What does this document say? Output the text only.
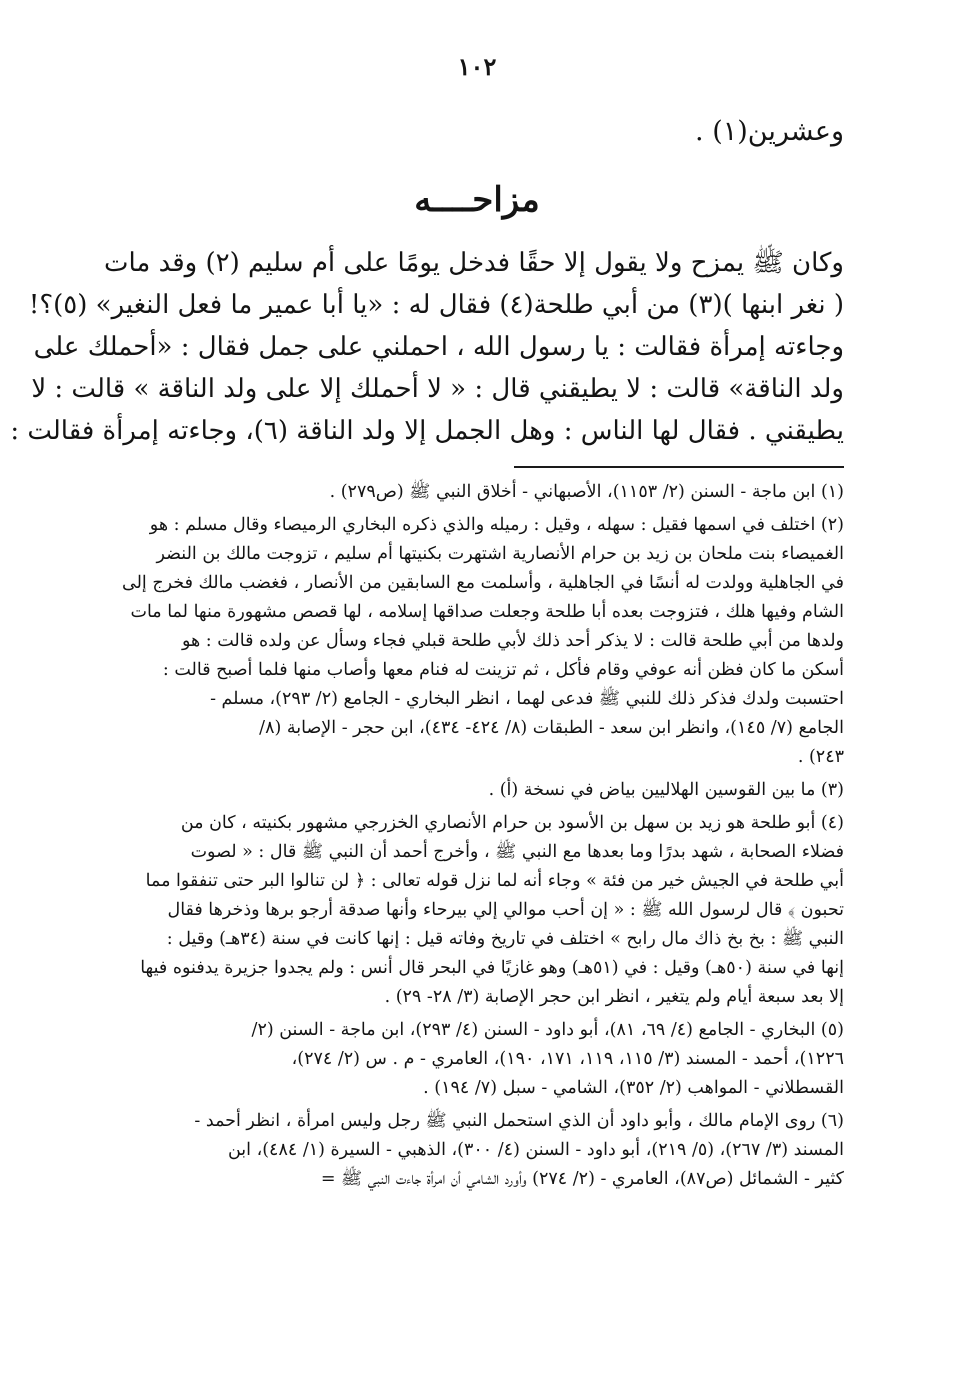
١٠٢
وعشرين(١) .
مزاحــــه
وكان ﷺ يمزح ولا يقول إلا حقًا فدخل يومًا على أم سليم (٢) وقد مات
( نغر ابنها )(٣) من أبي طلحة(٤) فقال له : «يا أبا عمير ما فعل النغير» (٥)؟!
وجاءته إمرأة فقالت : يا رسول الله ، احملني على جمل فقال : «أحملك على
ولد الناقة» قالت : لا يطيقني قال : « لا أحملك إلا على ولد الناقة » قالت : لا
يطيقني . فقال لها الناس : وهل الجمل إلا ولد الناقة (٦)، وجاءته إمرأة فقالت :
(١) ابن ماجة - السنن (٢/ ١١٥٣)، الأصبهاني - أخلاق النبي ﷺ (ص٢٧٩) .
(٢) اختلف في اسمها فقيل : سهله ، وقيل : رميله والذي ذكره البخاري الرميصاء وقال مسلم : هو
الغميصاء بنت ملحان بن زيد بن حرام الأنصارية اشتهرت بكنيتها أم سليم ، تزوجت مالك بن النضر
في الجاهلية وولدت له أنسًا في الجاهلية ، وأسلمت مع السابقين من الأنصار ، فغضب مالك فخرج إلى
الشام وفيها هلك ، فتزوجت بعده أبا طلحة وجعلت صداقها إسلامه ، لها قصص مشهورة منها لما مات
ولدها من أبي طلحة قالت : لا يذكر أحد ذلك لأبي طلحة قبلي فجاء وسأل عن ولده قالت : هو
أسكن ما كان فظن أنه عوفي وقام فأكل ، ثم تزينت له فنام معها وأصاب منها فلما أصبح قالت :
احتسبت ولدك فذكر ذلك للنبي ﷺ فدعى لهما ، انظر البخاري - الجامع (٢/ ٢٩٣)، مسلم -
الجامع (٧/ ١٤٥)، وانظر ابن سعد - الطبقات (٨/ ٤٢٤- ٤٣٤)، ابن حجر - الإصابة (٨/
٢٤٣) .
(٣) ما بين القوسين الهلاليين بياض في نسخة (أ) .
(٤) أبو طلحة هو زيد بن سهل بن الأسود بن حرام الأنصاري الخزرجي مشهور بكنيته ، كان من
فضلاء الصحابة ، شهد بدرًا وما بعدها مع النبي ﷺ ، وأخرج أحمد أن النبي ﷺ قال : « لصوت
أبي طلحة في الجيش خير من فئة » وجاء أنه لما نزل قوله تعالى : ﴿ لن تنالوا البر حتى تنفقوا مما
تحبون ﴾ قال لرسول الله ﷺ : « إن أحب موالي إلي بيرحاء وأنها صدقة أرجو برها وذخرها فقال
النبي ﷺ : بخ بخ ذاك مال رابح » اختلف في تاريخ وفاته قيل : إنها كانت في سنة (٣٤هـ) وقيل :
إنها في سنة (٥٠هـ) وقيل : في (٥١هـ) وهو غازيًا في البحر قال أنس : ولم يجدوا جزيرة يدفنوه فيها
إلا بعد سبعة أيام ولم يتغير ، انظر ابن حجر الإصابة (٣/ ٢٨- ٢٩) .
(٥) البخاري - الجامع (٤/ ٦٩، ٨١)، أبو داود - السنن (٤/ ٢٩٣)، ابن ماجة - السنن (٢/
١٢٢٦)، أحمد - المسند (٣/ ١١٥، ١١٩، ١٧١، ١٩٠)، العامري - م . س (٢/ ٢٧٤)،
القسطلاني - المواهب (٢/ ٣٥٢)، الشامي - سبل (٧/ ١٩٤) .
(٦) روى الإمام مالك ، وأبو داود أن الذي استحمل النبي ﷺ رجل وليس امرأة ، انظر أحمد -
المسند (٣/ ٢٦٧)، (٥/ ٢١٩)، أبو داود - السنن (٤/ ٣٠٠)، الذهبي - السيرة (١/ ٤٨٤)، ابن
كثير - الشمائل (ص٨٧)، العامري - (٢/ ٢٧٤) وأورد الشامي أن امرأة جاءت النبي ﷺ =
